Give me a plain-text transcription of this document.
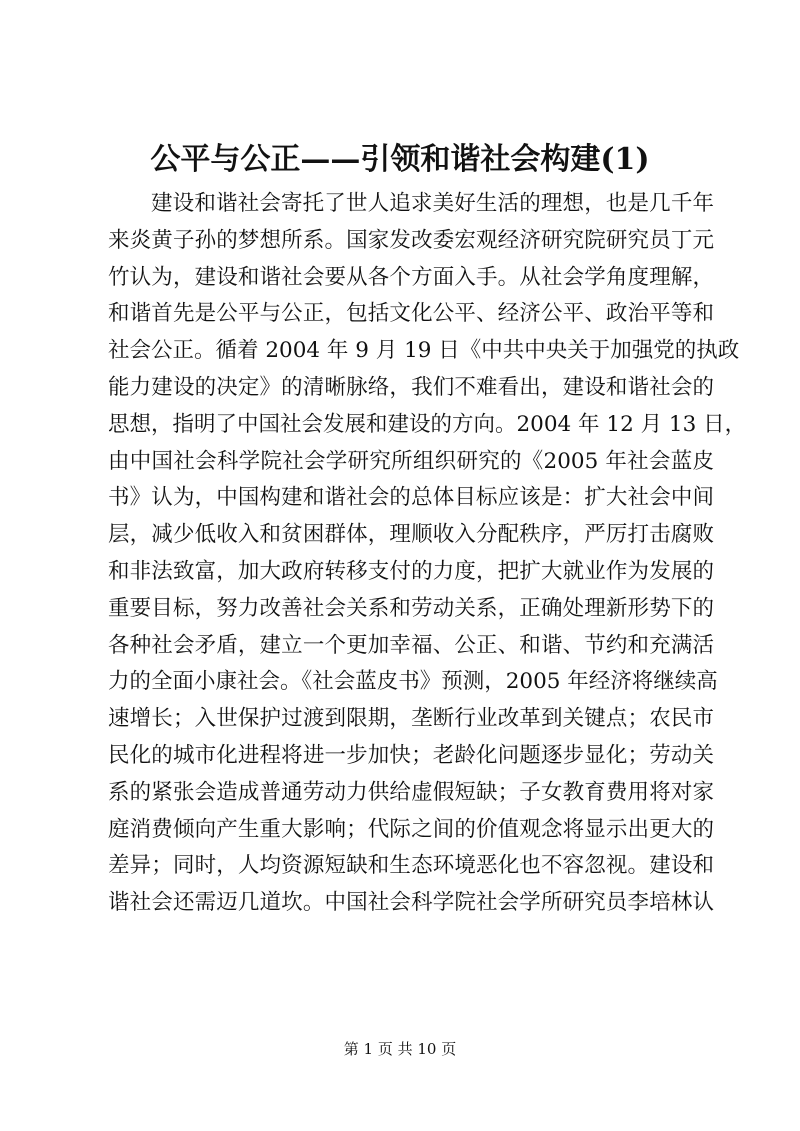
公平与公正——引领和谐社会构建(1)
建设和谐社会寄托了世人追求美好生活的理想，也是几千年
来炎黄子孙的梦想所系。国家发改委宏观经济研究院研究员丁元
竹认为，建设和谐社会要从各个方面入手。从社会学角度理解，
和谐首先是公平与公正，包括文化公平、经济公平、政治平等和
社会公正。循着 2004 年 9 月 19 日《中共中央关于加强党的执政
能力建设的决定》的清晰脉络，我们不难看出，建设和谐社会的
思想，指明了中国社会发展和建设的方向。2004 年 12 月 13 日，
由中国社会科学院社会学研究所组织研究的《2005 年社会蓝皮
书》认为，中国构建和谐社会的总体目标应该是：扩大社会中间
层，减少低收入和贫困群体，理顺收入分配秩序，严厉打击腐败
和非法致富，加大政府转移支付的力度，把扩大就业作为发展的
重要目标，努力改善社会关系和劳动关系，正确处理新形势下的
各种社会矛盾，建立一个更加幸福、公正、和谐、节约和充满活
力的全面小康社会。《社会蓝皮书》预测，2005 年经济将继续高
速增长；入世保护过渡到限期，垄断行业改革到关键点；农民市
民化的城市化进程将进一步加快；老龄化问题逐步显化；劳动关
系的紧张会造成普通劳动力供给虚假短缺；子女教育费用将对家
庭消费倾向产生重大影响；代际之间的价值观念将显示出更大的
差异；同时，人均资源短缺和生态环境恶化也不容忽视。建设和
谐社会还需迈几道坎。中国社会科学院社会学所研究员李培林认
第 1 页 共 10 页
